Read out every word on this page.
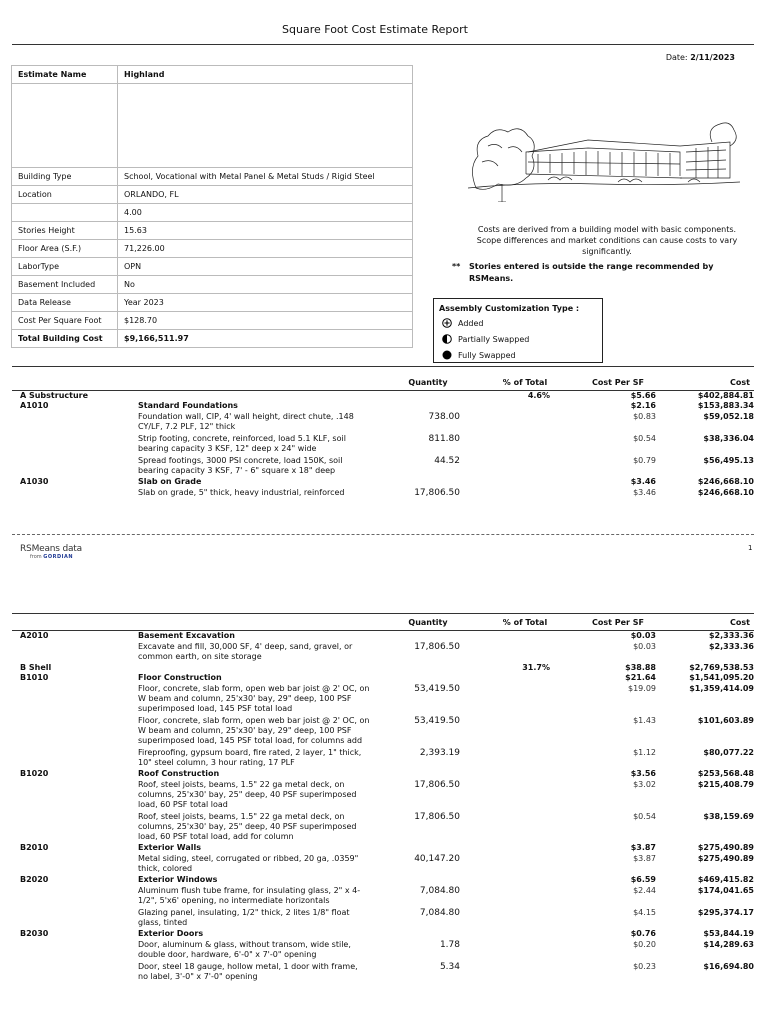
Square Foot Cost Estimate Report
Date: 2/11/2023
Estimate Name	Highland

Building Type	School, Vocational with Metal Panel & Metal Studs / Rigid Steel
Location	ORLANDO, FL
	4.00
Stories Height	15.63
Floor Area (S.F.)	71,226.00
LaborType	OPN
Basement Included	No
Data Release	Year 2023
Cost Per Square Foot	$128.70
Total Building Cost	$9,166,511.97
Costs are derived from a building model with basic components. Scope differences and market conditions can cause costs to vary significantly.
** Stories entered is outside the range recommended by
RSMeans.
Assembly Customization Type :
Added
Partially Swapped
Fully Swapped
		Quantity	% of Total	Cost Per SF	Cost
A Substructure			4.6%	$5.66	$402,884.81
A1010	Standard Foundations			$2.16	$153,883.34
	Foundation wall, CIP, 4' wall height, direct chute, .148 CY/LF, 7.2 PLF, 12" thick	738.00		$0.83	$59,052.18
	Strip footing, concrete, reinforced, load 5.1 KLF, soil bearing capacity 3 KSF, 12" deep x 24" wide	811.80		$0.54	$38,336.04
	Spread footings, 3000 PSI concrete, load 150K, soil bearing capacity 3 KSF, 7' - 6" square x 18" deep	44.52		$0.79	$56,495.13
A1030	Slab on Grade			$3.46	$246,668.10
	Slab on grade, 5" thick, heavy industrial, reinforced	17,806.50		$3.46	$246,668.10
RSMeans data
from GORDIAN
1
		Quantity	% of Total	Cost Per SF	Cost
A2010	Basement Excavation			$0.03	$2,333.36
	Excavate and fill, 30,000 SF, 4' deep, sand, gravel, or common earth, on site storage	17,806.50		$0.03	$2,333.36
B Shell			31.7%	$38.88	$2,769,538.53
B1010	Floor Construction			$21.64	$1,541,095.20
	Floor, concrete, slab form, open web bar joist @ 2' OC, on W beam and column, 25'x30' bay, 29" deep, 100 PSF superimposed load, 145 PSF total load	53,419.50		$19.09	$1,359,414.09
	Floor, concrete, slab form, open web bar joist @ 2' OC, on W beam and column, 25'x30' bay, 29" deep, 100 PSF superimposed load, 145 PSF total load, for columns add	53,419.50		$1.43	$101,603.89
	Fireproofing, gypsum board, fire rated, 2 layer, 1" thick, 10" steel column, 3 hour rating, 17 PLF	2,393.19		$1.12	$80,077.22
B1020	Roof Construction			$3.56	$253,568.48
	Roof, steel joists, beams, 1.5" 22 ga metal deck, on columns, 25'x30' bay, 25" deep, 40 PSF superimposed load, 60 PSF total load	17,806.50		$3.02	$215,408.79
	Roof, steel joists, beams, 1.5" 22 ga metal deck, on columns, 25'x30' bay, 25" deep, 40 PSF superimposed load, 60 PSF total load, add for column	17,806.50		$0.54	$38,159.69
B2010	Exterior Walls			$3.87	$275,490.89
	Metal siding, steel, corrugated or ribbed, 20 ga, .0359" thick, colored	40,147.20		$3.87	$275,490.89
B2020	Exterior Windows			$6.59	$469,415.82
	Aluminum flush tube frame, for insulating glass, 2" x 4-1/2", 5'x6' opening, no intermediate horizontals	7,084.80		$2.44	$174,041.65
	Glazing panel, insulating, 1/2" thick, 2 lites 1/8" float glass, tinted	7,084.80		$4.15	$295,374.17
B2030	Exterior Doors			$0.76	$53,844.19
	Door, aluminum & glass, without transom, wide stile, double door, hardware, 6'-0" x 7'-0" opening	1.78		$0.20	$14,289.63
	Door, steel 18 gauge, hollow metal, 1 door with frame, no label, 3'-0" x 7'-0" opening	5.34		$0.23	$16,694.80
